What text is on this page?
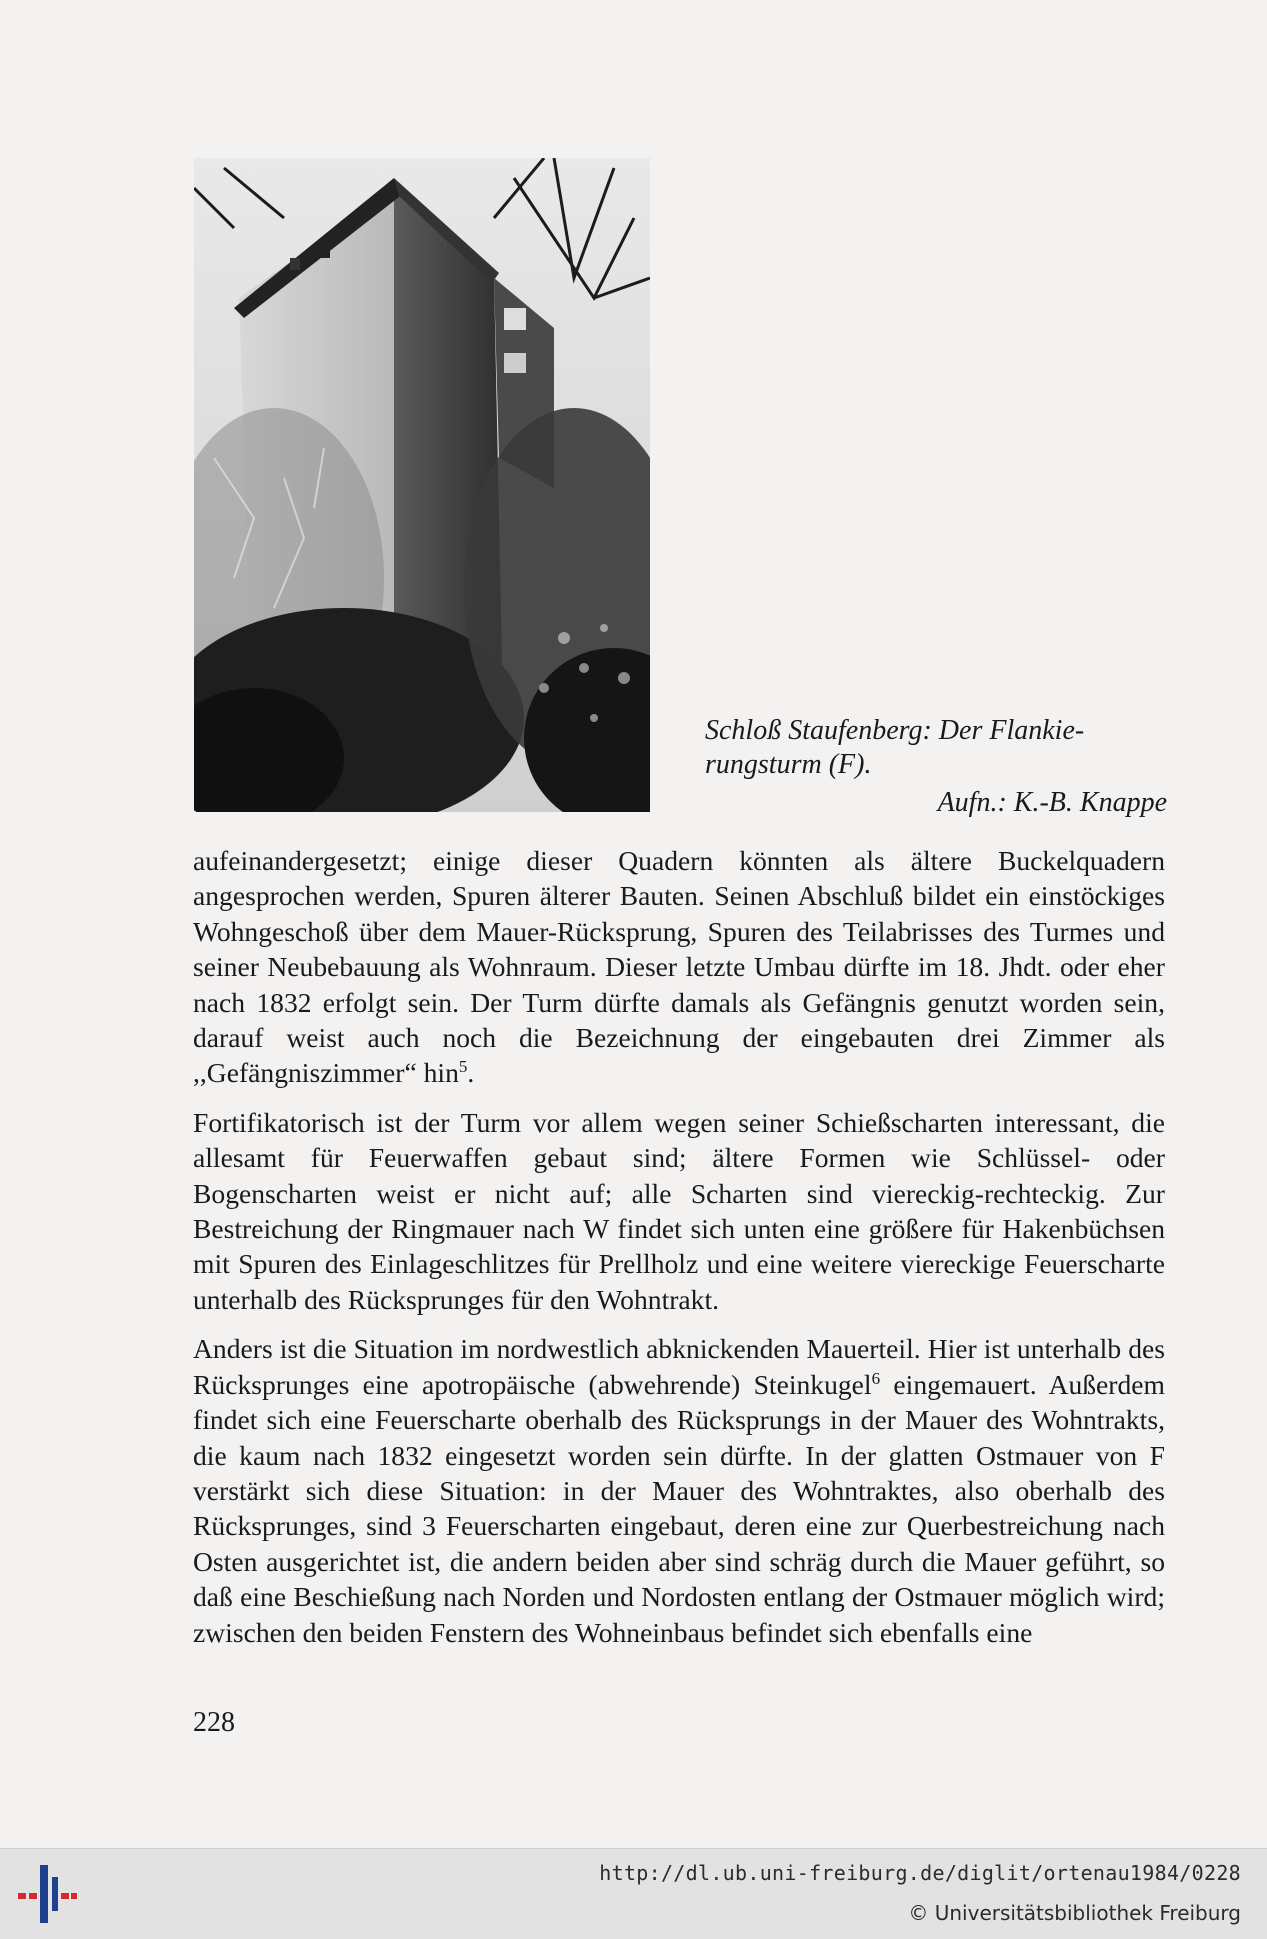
Schloß Staufenberg: Der Flankie-
rungsturm (F).
Aufn.: K.-B. Knappe

aufeinandergesetzt; einige dieser Quadern könnten als ältere Buckelquadern angesprochen werden, Spuren älterer Bauten. Seinen Abschluß bildet ein einstöckiges Wohngeschoß über dem Mauer-Rücksprung, Spuren des Teilabrisses des Turmes und seiner Neubebauung als Wohnraum. Dieser letzte Umbau dürfte im 18. Jhdt. oder eher nach 1832 erfolgt sein. Der Turm dürfte damals als Gefängnis genutzt worden sein, darauf weist auch noch die Bezeichnung der eingebauten drei Zimmer als ,,Gefängniszimmer“ hin$^5$.

Fortifikatorisch ist der Turm vor allem wegen seiner Schießscharten interessant, die allesamt für Feuerwaffen gebaut sind; ältere Formen wie Schlüssel- oder Bogenscharten weist er nicht auf; alle Scharten sind viereckig-rechteckig. Zur Bestreichung der Ringmauer nach W findet sich unten eine größere für Hakenbüchsen mit Spuren des Einlageschlitzes für Prellholz und eine weitere viereckige Feuerscharte unterhalb des Rücksprunges für den Wohntrakt.

Anders ist die Situation im nordwestlich abknickenden Mauerteil. Hier ist unterhalb des Rücksprunges eine apotropäische (abwehrende) Steinkugel$^6$ eingemauert. Außerdem findet sich eine Feuerscharte oberhalb des Rücksprungs in der Mauer des Wohntrakts, die kaum nach 1832 eingesetzt worden sein dürfte. In der glatten Ostmauer von F verstärkt sich diese Situation: in der Mauer des Wohntraktes, also oberhalb des Rücksprunges, sind 3 Feuerscharten eingebaut, deren eine zur Querbestreichung nach Osten ausgerichtet ist, die andern beiden aber sind schräg durch die Mauer geführt, so daß eine Beschießung nach Norden und Nordosten entlang der Ostmauer möglich wird; zwischen den beiden Fenstern des Wohneinbaus befindet sich ebenfalls eine

228
http://dl.ub.uni-freiburg.de/diglit/ortenau1984/0228
© Universitätsbibliothek Freiburg
